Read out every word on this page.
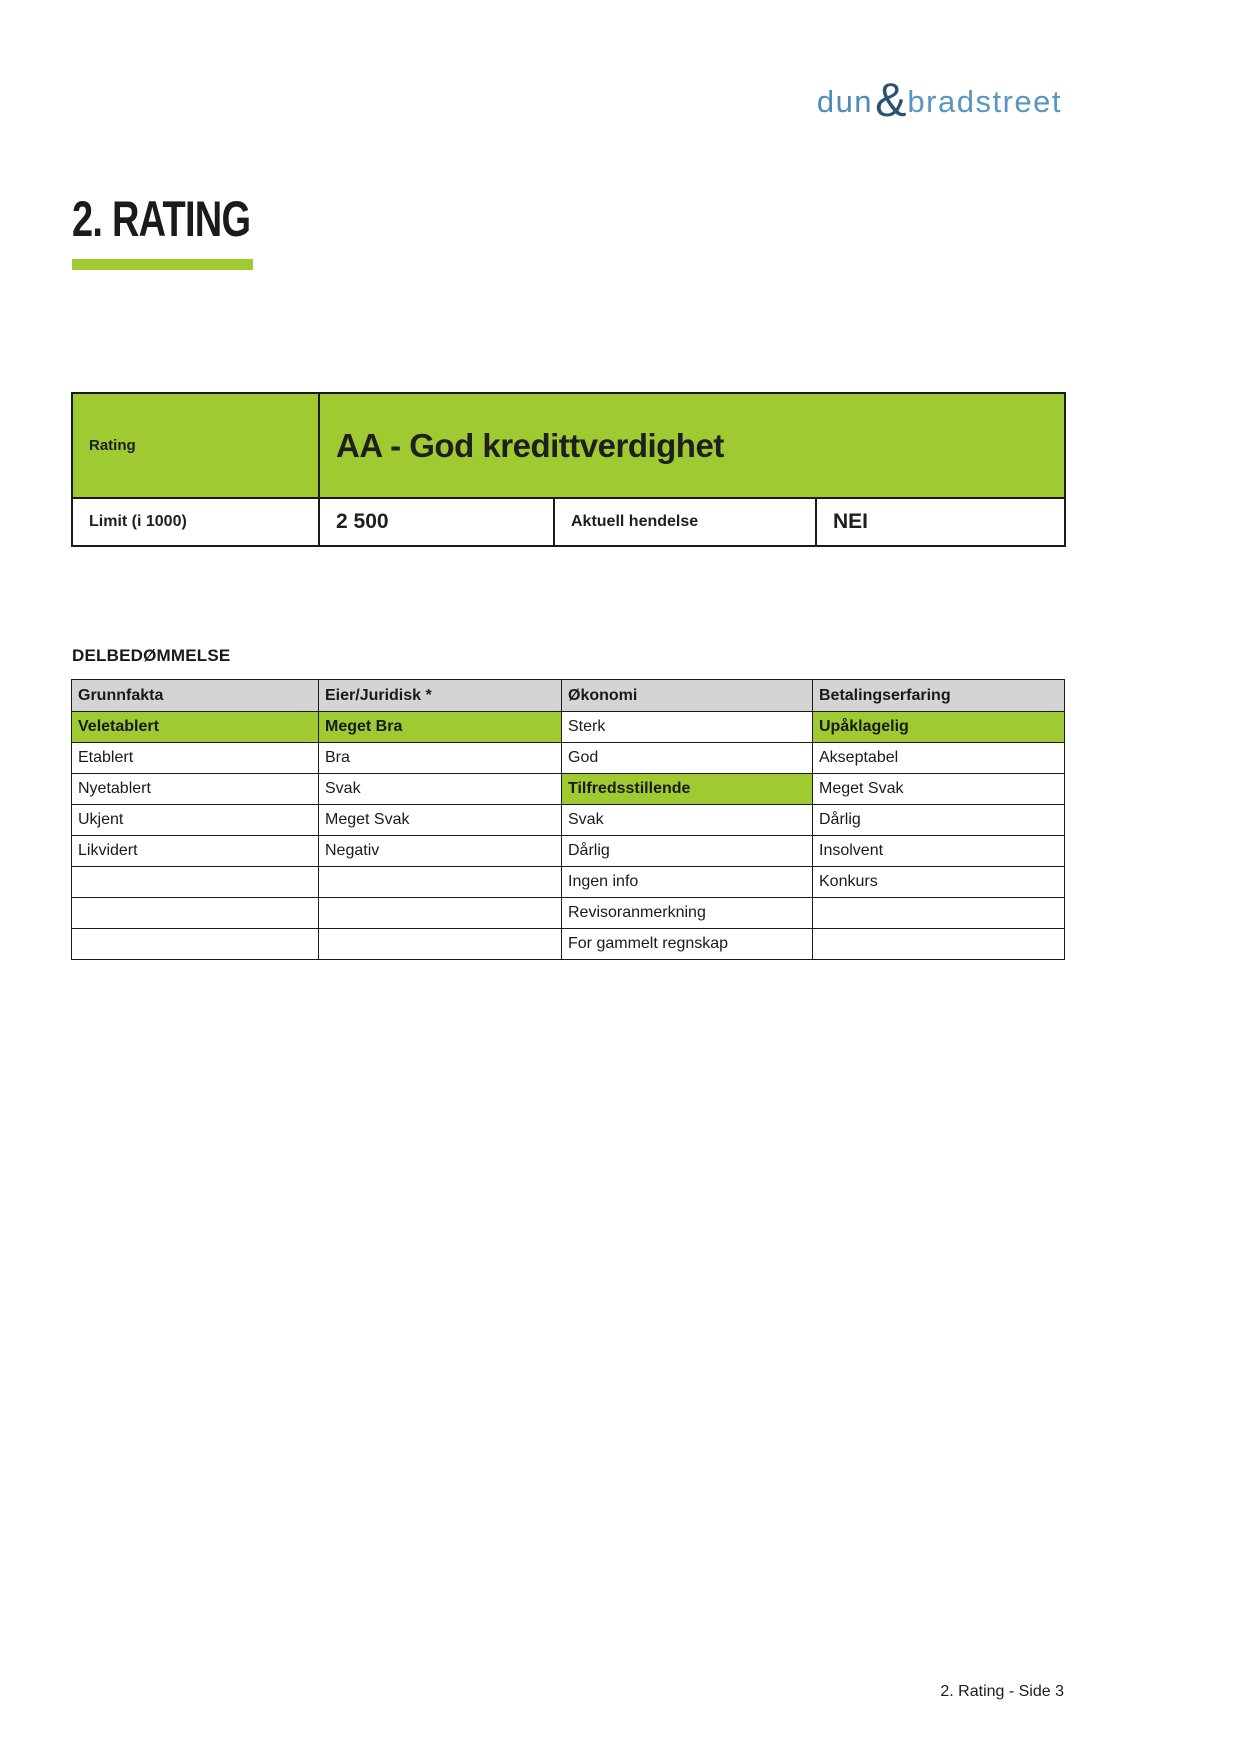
dun & bradstreet
2. RATING
Rating	AA - God kredittverdighet		
Limit (i 1000)	2 500	Aktuell hendelse	NEI
DELBEDØMMELSE
Grunnfakta	Eier/Juridisk *	Økonomi	Betalingserfaring
Veletablert	Meget Bra	Sterk	Upåklagelig
Etablert	Bra	God	Akseptabel
Nyetablert	Svak	Tilfredsstillende	Meget Svak
Ukjent	Meget Svak	Svak	Dårlig
Likvidert	Negativ	Dårlig	Insolvent
		Ingen info	Konkurs
		Revisoranmerkning	
		For gammelt regnskap	
2. Rating - Side 3
